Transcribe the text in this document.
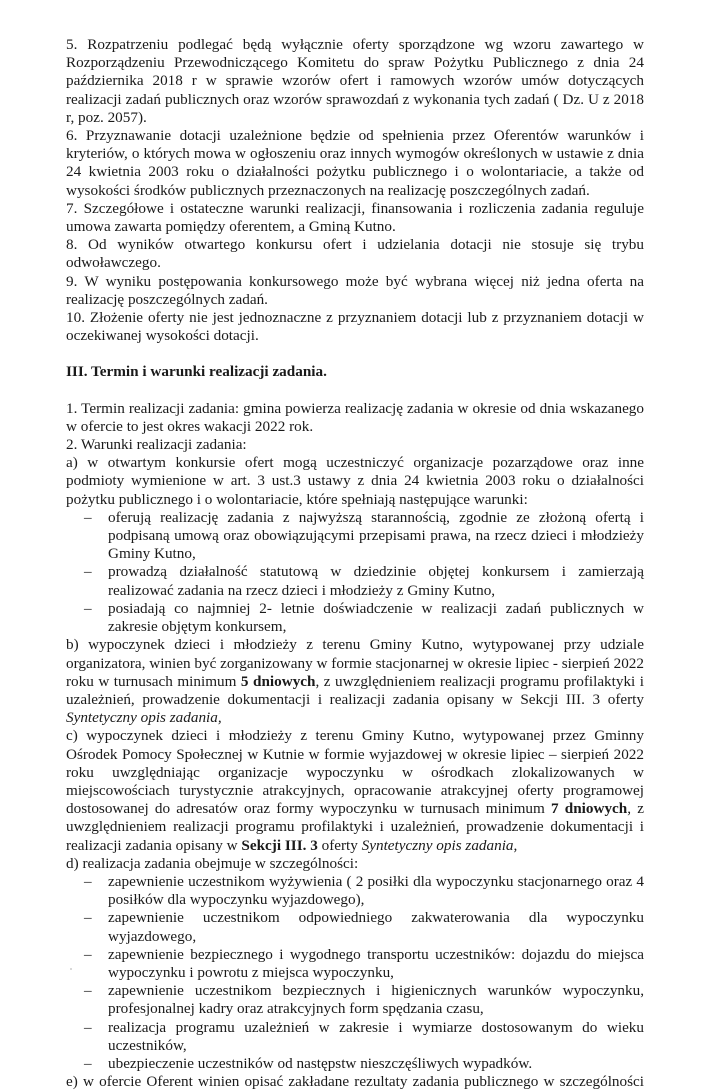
5. Rozpatrzeniu podlegać będą wyłącznie oferty sporządzone wg wzoru zawartego w Rozporządzeniu Przewodniczącego Komitetu do spraw Pożytku Publicznego z dnia 24 października 2018 r w sprawie wzorów ofert i ramowych wzorów umów dotyczących realizacji zadań publicznych oraz wzorów sprawozdań z wykonania tych zadań ( Dz. U z 2018 r, poz. 2057).

6. Przyznawanie dotacji uzależnione będzie od spełnienia przez Oferentów warunków i kryteriów, o których mowa w ogłoszeniu oraz innych wymogów określonych w ustawie z dnia 24 kwietnia 2003 roku o działalności pożytku publicznego i o wolontariacie, a także od wysokości środków publicznych przeznaczonych na realizację poszczególnych zadań.

7. Szczegółowe i ostateczne warunki realizacji, finansowania i rozliczenia zadania reguluje umowa zawarta pomiędzy oferentem, a Gminą Kutno.

8. Od wyników otwartego konkursu ofert i udzielania dotacji nie stosuje się trybu odwoławczego.

9. W wyniku postępowania konkursowego może być wybrana więcej niż jedna oferta na realizację poszczególnych zadań.

10. Złożenie oferty nie jest jednoznaczne z przyznaniem dotacji lub z przyznaniem dotacji w oczekiwanej wysokości dotacji.

III. Termin i warunki realizacji zadania.

1. Termin realizacji zadania: gmina powierza realizację zadania w okresie od dnia wskazanego w ofercie to jest okres wakacji 2022 rok.

2. Warunki realizacji zadania:

a) w otwartym konkursie ofert mogą uczestniczyć organizacje pozarządowe oraz inne podmioty wymienione w art. 3 ust.3 ustawy z dnia 24 kwietnia 2003 roku o działalności pożytku publicznego i o wolontariacie, które spełniają następujące warunki:

– oferują realizację zadania z najwyższą starannością, zgodnie ze złożoną ofertą i podpisaną umową oraz obowiązującymi przepisami prawa, na rzecz dzieci i młodzieży Gminy Kutno,
– prowadzą działalność statutową w dziedzinie objętej konkursem i zamierzają realizować zadania na rzecz dzieci i młodzieży z Gminy Kutno,
– posiadają co najmniej 2- letnie doświadczenie w realizacji zadań publicznych w zakresie objętym konkursem,

b) wypoczynek dzieci i młodzieży z terenu Gminy Kutno, wytypowanej przy udziale organizatora, winien być zorganizowany w formie stacjonarnej w okresie lipiec - sierpień 2022 roku w turnusach minimum 5 dniowych, z uwzględnieniem realizacji programu profilaktyki i uzależnień, prowadzenie dokumentacji i realizacji zadania opisany w Sekcji III. 3 oferty Syntetyczny opis zadania,

c) wypoczynek dzieci i młodzieży z terenu Gminy Kutno, wytypowanej przez Gminny Ośrodek Pomocy Społecznej w Kutnie w formie wyjazdowej w okresie lipiec – sierpień 2022 roku uwzględniając organizacje wypoczynku w ośrodkach zlokalizowanych w miejscowościach turystycznie atrakcyjnych, opracowanie atrakcyjnej oferty programowej dostosowanej do adresatów oraz formy wypoczynku w turnusach minimum 7 dniowych, z uwzględnieniem realizacji programu profilaktyki i uzależnień, prowadzenie dokumentacji i realizacji zadania opisany w Sekcji III. 3 oferty Syntetyczny opis zadania,

d) realizacja zadania obejmuje w szczególności:

– zapewnienie uczestnikom wyżywienia ( 2 posiłki dla wypoczynku stacjonarnego oraz 4 posiłków dla wypoczynku wyjazdowego),
– zapewnienie uczestnikom odpowiedniego zakwaterowania dla wypoczynku wyjazdowego,
– zapewnienie bezpiecznego i wygodnego transportu uczestników: dojazdu do miejsca wypoczynku i powrotu z miejsca wypoczynku,
– zapewnienie uczestnikom bezpiecznych i higienicznych warunków wypoczynku, profesjonalnej kadry oraz atrakcyjnych form spędzania czasu,
– realizacja programu uzależnień w zakresie i wymiarze dostosowanym do wieku uczestników,
– ubezpieczenie uczestników od następstw nieszczęśliwych wypadków.

e) w ofercie Oferent winien opisać zakładane rezultaty zadania publicznego w szczególności
